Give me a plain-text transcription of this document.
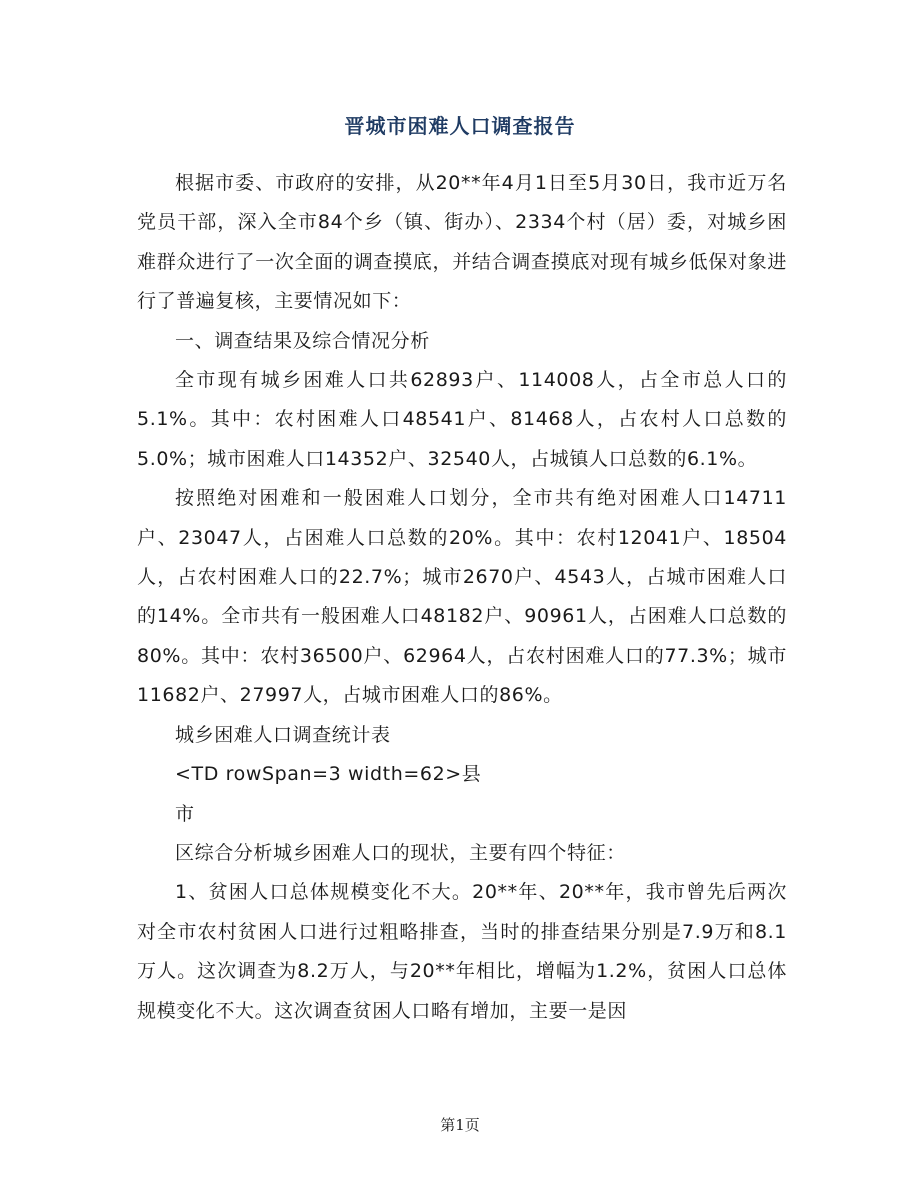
晋城市困难人口调查报告

根据市委、市政府的安排，从20**年4月1日至5月30日，我市近万名党员干部，深入全市84个乡（镇、街办）、2334个村（居）委，对城乡困难群众进行了一次全面的调查摸底，并结合调查摸底对现有城乡低保对象进行了普遍复核，主要情况如下：

一、调查结果及综合情况分析

全市现有城乡困难人口共62893户、114008人，占全市总人口的5.1%。其中：农村困难人口48541户、81468人，占农村人口总数的5.0%；城市困难人口14352户、32540人，占城镇人口总数的6.1%。

按照绝对困难和一般困难人口划分，全市共有绝对困难人口14711户、23047人，占困难人口总数的20%。其中：农村12041户、18504人，占农村困难人口的22.7%；城市2670户、4543人，占城市困难人口的14%。全市共有一般困难人口48182户、90961人，占困难人口总数的80%。其中：农村36500户、62964人，占农村困难人口的77.3%；城市11682户、27997人，占城市困难人口的86%。

城乡困难人口调查统计表

<TD rowSpan=3 width=62>县

市

区综合分析城乡困难人口的现状，主要有四个特征：

1、贫困人口总体规模变化不大。20**年、20**年，我市曾先后两次对全市农村贫困人口进行过粗略排查，当时的排查结果分别是7.9万和8.1万人。这次调查为8.2万人，与20**年相比，增幅为1.2%，贫困人口总体规模变化不大。这次调查贫困人口略有增加，主要一是因

第1页
